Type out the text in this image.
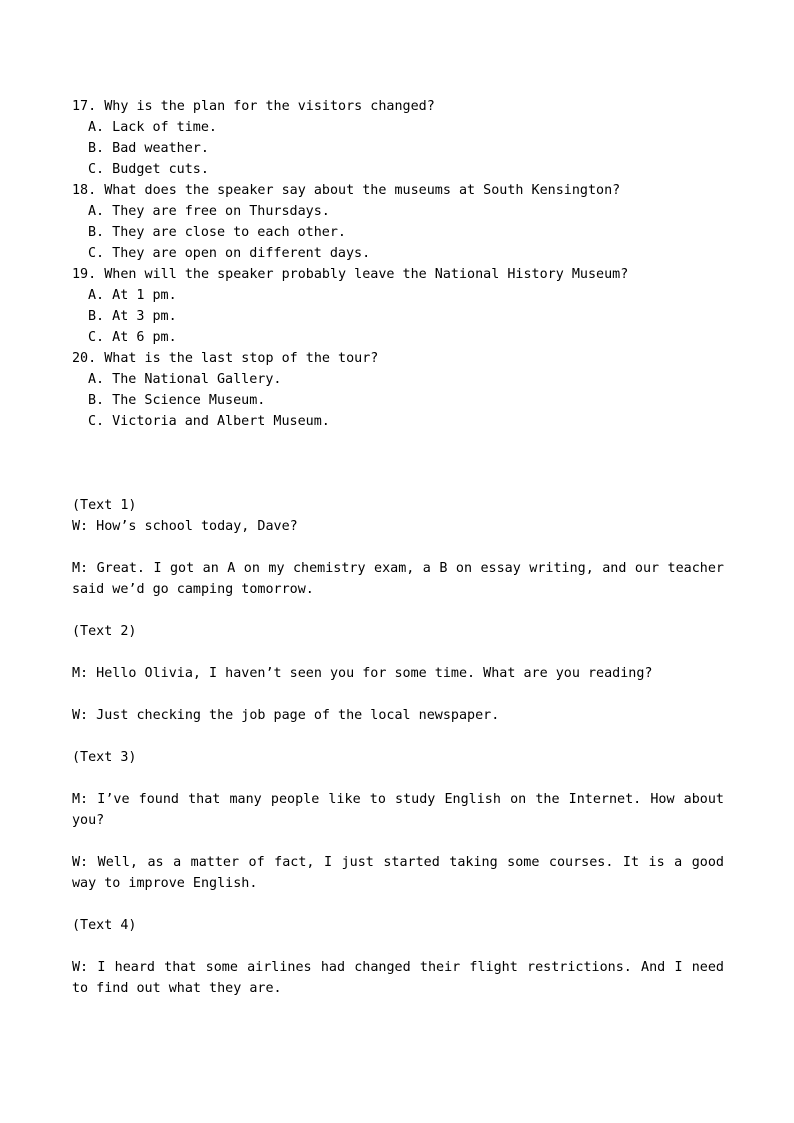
17. Why is the plan for the visitors changed?
A. Lack of time.
B. Bad weather.
C. Budget cuts.
18. What does the speaker say about the museums at South Kensington?
A. They are free on Thursdays.
B. They are close to each other.
C. They are open on different days.
19. When will the speaker probably leave the National History Museum?
A. At 1 pm.
B. At 3 pm.
C. At 6 pm.
20. What is the last stop of the tour?
A. The National Gallery.
B. The Science Museum.
C. Victoria and Albert Museum.
(Text 1)
W: How’s school today, Dave?
M: Great. I got an A on my chemistry exam, a B on essay writing, and our teacher said we’d go camping tomorrow.
(Text 2)
M: Hello Olivia, I haven’t seen you for some time. What are you reading?
W: Just checking the job page of the local newspaper.
(Text 3)
M: I’ve found that many people like to study English on the Internet. How about you?
W: Well, as a matter of fact, I just started taking some courses. It is a good way to improve English.
(Text 4)
W: I heard that some airlines had changed their flight restrictions. And I need to find out what they are.
